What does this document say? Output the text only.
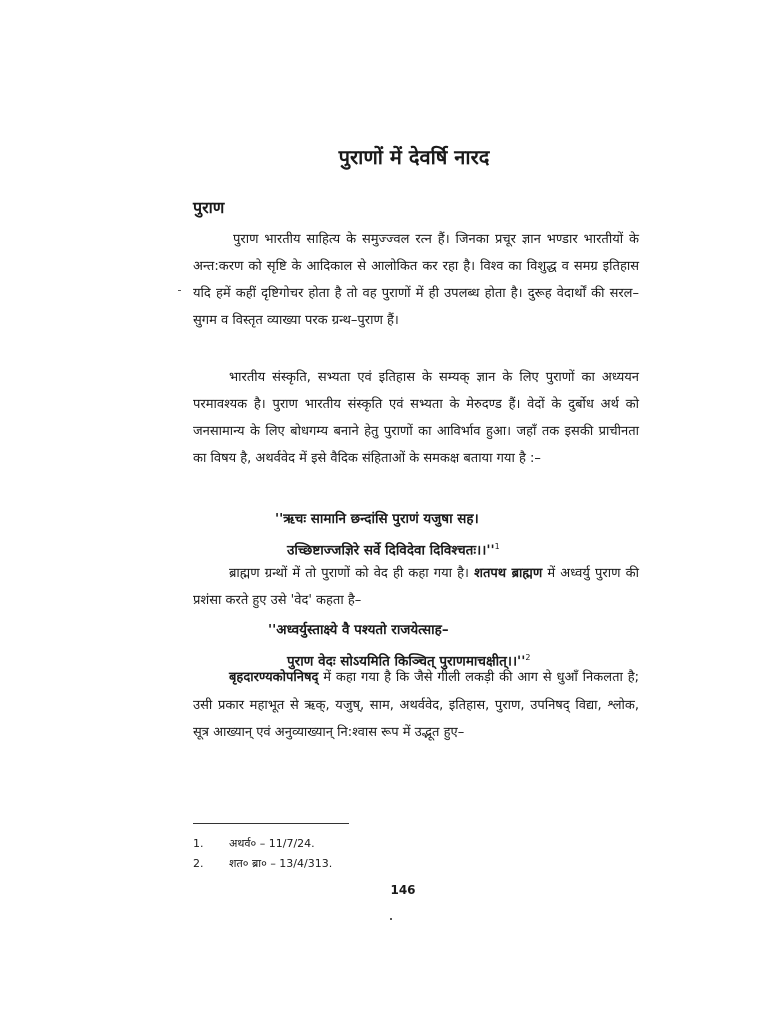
पुराणों में देवर्षि नारद
पुराण

पुराण भारतीय साहित्य के समुज्ज्वल रत्न हैं। जिनका प्रचूर ज्ञान भण्डार भारतीयों के अन्त:करण को सृष्टि के आदिकाल से आलोकित कर रहा है। विश्व का विशुद्ध व समग्र इतिहास यदि हमें कहीं दृष्टिगोचर होता है तो वह पुराणों में ही उपलब्ध होता है। दुरूह वेदार्थों की सरल–सुगम व विस्तृत व्याख्या परक ग्रन्थ–पुराण हैं।

भारतीय संस्कृति, सभ्यता एवं इतिहास के सम्यक् ज्ञान के लिए पुराणों का अध्ययन परमावश्यक है। पुराण भारतीय संस्कृति एवं सभ्यता के मेरुदण्ड हैं। वेदों के दुर्बोध अर्थ को जनसामान्य के लिए बोधगम्य बनाने हेतु पुराणों का आविर्भाव हुआ। जहाँ तक इसकी प्राचीनता का विषय है, अथर्ववेद में इसे वैदिक संहिताओं के समकक्ष बताया गया है :–

''ऋचः सामानि छन्दांसि पुराणं यजुषा सह।
उच्छिष्टाज्जज्ञिरे सर्वे दिविदेवा $दिविश्चतः।।''^1$

ब्राह्मण ग्रन्थों में तो पुराणों को वेद ही कहा गया है। शतपथ ब्राह्मण में अध्वर्यु पुराण की प्रशंसा करते हुए उसे 'वेद' कहता है–

''अध्वर्युस्ताक्ष्ये वै पश्यतो राजयेत्साह–
पुराण वेदः सोऽयमिति किञ्चित् $पुराणमाचक्षीत्।।''^2$

बृहदारण्यकोपनिषद् में कहा गया है कि जैसे गीली लकड़ी की आग से धुआँ निकलता है; उसी प्रकार महाभूत से ऋक्, यजुष्, साम, अथर्ववेद, इतिहास, पुराण, उपनिषद् विद्या, श्लोक, सूत्र आख्यान् एवं अनुव्याख्यान् नि:श्वास रूप में उद्भूत हुए–

1. अथर्व० – 11/7/24.
2. शत० ब्रा० – 13/4/313.
146
